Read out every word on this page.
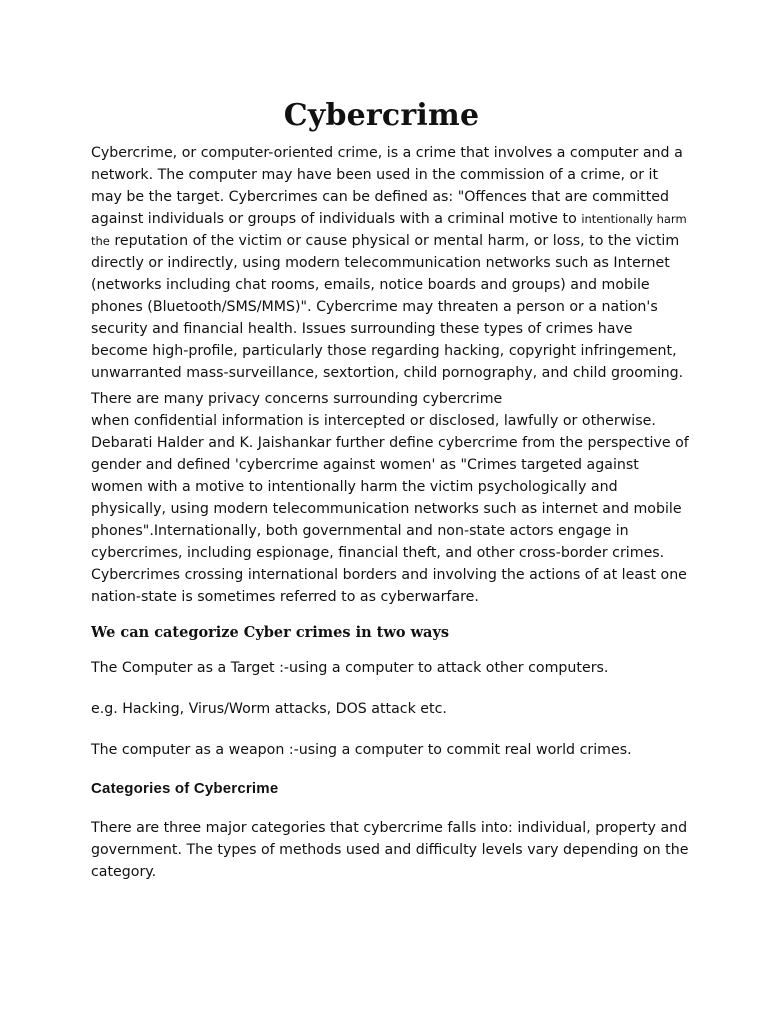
Cybercrime

Cybercrime, or computer-oriented crime, is a crime that involves a computer and a network. The computer may have been used in the commission of a crime, or it may be the target. Cybercrimes can be defined as: "Offences that are committed against individuals or groups of individuals with a criminal motive to intentionally harm the reputation of the victim or cause physical or mental harm, or loss, to the victim directly or indirectly, using modern telecommunication networks such as Internet (networks including chat rooms, emails, notice boards and groups) and mobile phones (Bluetooth/SMS/MMS)". Cybercrime may threaten a person or a nation's security and financial health. Issues surrounding these types of crimes have become high-profile, particularly those regarding hacking, copyright infringement, unwarranted mass-surveillance, sextortion, child pornography, and child grooming.

There are many privacy concerns surrounding cybercrime
when confidential information is intercepted or disclosed, lawfully or otherwise. Debarati Halder and K. Jaishankar further define cybercrime from the perspective of gender and defined 'cybercrime against women' as "Crimes targeted against women with a motive to intentionally harm the victim psychologically and physically, using modern telecommunication networks such as internet and mobile phones".Internationally, both governmental and non-state actors engage in cybercrimes, including espionage, financial theft, and other cross-border crimes. Cybercrimes crossing international borders and involving the actions of at least one nation-state is sometimes referred to as cyberwarfare.

We can categorize Cyber crimes in two ways

The Computer as a Target :-using a computer to attack other computers.

e.g. Hacking, Virus/Worm attacks, DOS attack etc.

The computer as a weapon :-using a computer to commit real world crimes.

Categories of Cybercrime

There are three major categories that cybercrime falls into: individual, property and government. The types of methods used and difficulty levels vary depending on the category.
